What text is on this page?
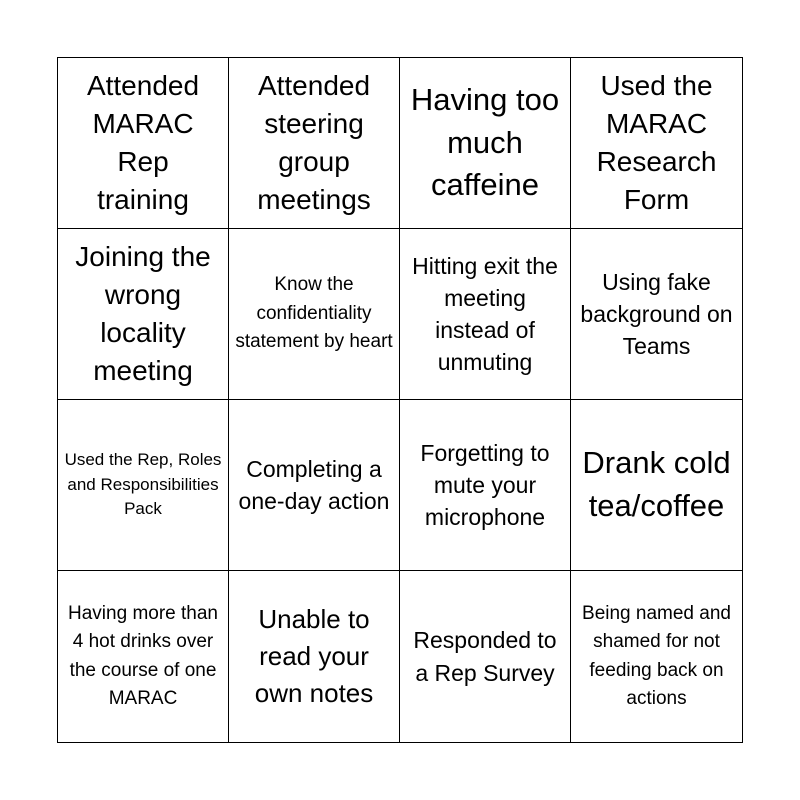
Attended MARAC Rep training
Attended steering group meetings
Having too much caffeine
Used the MARAC Research Form
Joining the wrong locality meeting
Know the confidentiality statement by heart
Hitting exit the meeting instead of unmuting
Using fake background on Teams
Used the Rep, Roles and Responsibilities Pack
Completing a one-day action
Forgetting to mute your microphone
Drank cold tea/coffee
Having more than 4 hot drinks over the course of one MARAC
Unable to read your own notes
Responded to a Rep Survey
Being named and shamed for not feeding back on actions
